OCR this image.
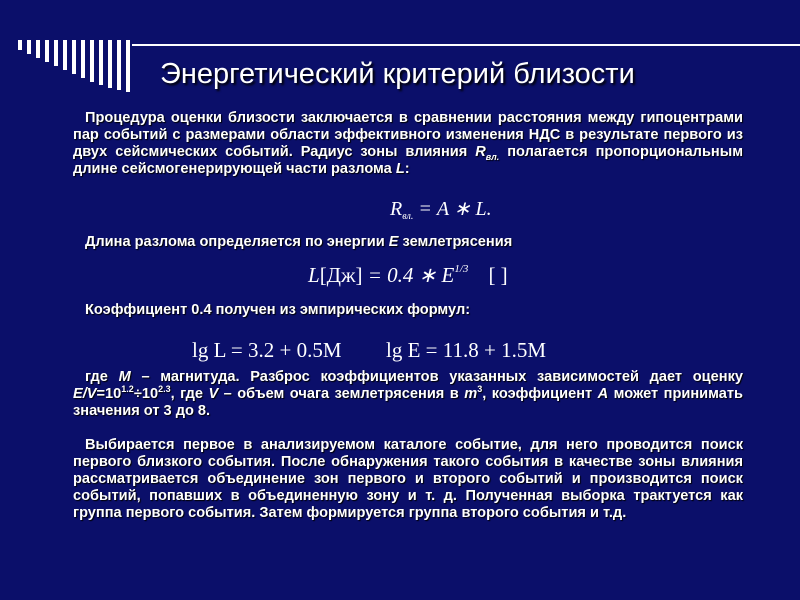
Энергетический критерий близости
Процедура оценки близости заключается в сравнении расстояния между гипоцентрами пар событий с размерами области эффективного изменения НДС в результате первого из двух сейсмических событий. Радиус зоны влияния $R_{вл.}$ полагается пропорциональным длине сейсмогенерирующей части разлома L:
$R_{вл.} = A$ ∗ L.
Длина разлома определяется по энергии E землетрясения
L[Дж] = 0.4 ∗ $E^{1/3}$ [ ]
Коэффициент 0.4 получен из эмпирических формул:
lg L = 3.2 + 0.5M lg E = 11.8 + 1.5M
где M – магнитуда. Разброс коэффициентов указанных зависимостей дает оценку $E/V=10^{1.2}\div 10^{2.3}$, где V – объем очага землетрясения в $m^3$, коэффициент A может принимать значения от 3 до 8.
Выбирается первое в анализируемом каталоге событие, для него проводится поиск первого близкого события. После обнаружения такого события в качестве зоны влияния рассматривается объединение зон первого и второго событий и производится поиск событий, попавших в объединенную зону и т. д. Полученная выборка трактуется как группа первого события. Затем формируется группа второго события и т.д.
